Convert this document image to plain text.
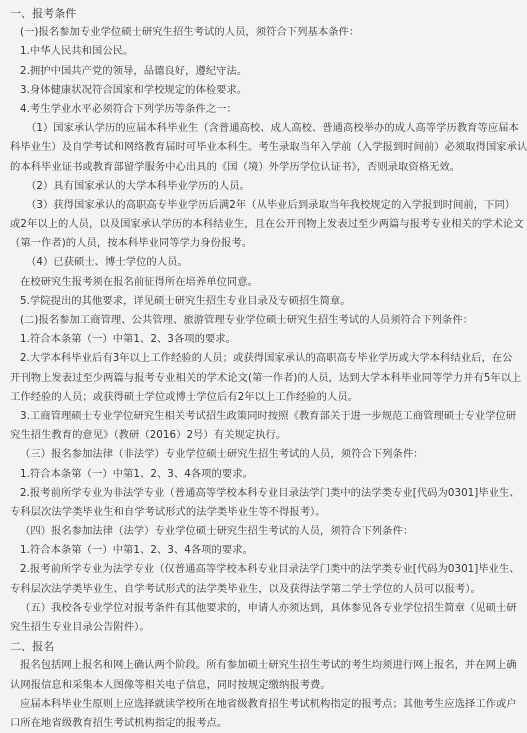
一、报考条件
(一)报名参加专业学位硕士研究生招生考试的人员，须符合下列基本条件：
1.中华人民共和国公民。
2.拥护中国共产党的领导，品德良好，遵纪守法。
3.身体健康状况符合国家和学校规定的体检要求。
4.考生学业水平必须符合下列学历等条件之一：
（1）国家承认学历的应届本科毕业生（含普通高校、成人高校、普通高校举办的成人高等学历教育等应届本
科毕业生）及自学考试和网络教育届时可毕业本科生。考生录取当年入学前（入学报到时间前）必须取得国家承认
的本科毕业证书或教育部留学服务中心出具的《国（境）外学历学位认证书》，否则录取资格无效。
（2）具有国家承认的大学本科毕业学历的人员。
（3）获得国家承认的高职高专毕业学历后满2年（从毕业后到录取当年我校规定的入学报到时间前，下同）
或2年以上的人员，以及国家承认学历的本科结业生，且在公开刊物上发表过至少两篇与报考专业相关的学术论文
（第一作者)的人员，按本科毕业同等学力身份报考。
（4）已获硕士、博士学位的人员。
在校研究生报考须在报名前征得所在培养单位同意。
5.学院提出的其他要求，详见硕士研究生招生专业目录及专硕招生简章。
(二)报名参加工商管理、公共管理、旅游管理专业学位硕士研究生招生考试的人员须符合下列条件：
1.符合本条第（一）中第1、2、3各项的要求。
2.大学本科毕业后有3年以上工作经验的人员；或获得国家承认的高职高专毕业学历或大学本科结业后，在公
开刊物上发表过至少两篇与报考专业相关的学术论文(第一作者)的人员，达到大学本科毕业同等学力并有5年以上
工作经验的人员；或获得硕士学位或博士学位后有2年以上工作经验的人员。
3.工商管理硕士专业学位研究生相关考试招生政策同时按照《教育部关于进一步规范工商管理硕士专业学位研
究生招生教育的意见》（教研（2016）2号）有关规定执行。
（三）报名参加法律（非法学）专业学位硕士研究生招生考试的人员，须符合下列条件：
1.符合本条第（一）中第1、2、3、4各项的要求。
2.报考前所学专业为非法学专业（普通高等学校本科专业目录法学门类中的法学类专业[代码为0301]毕业生、
专科层次法学类毕业生和自学考试形式的法学类毕业生等不得报考）。
（四）报名参加法律（法学）专业学位硕士研究生招生考试的人员，须符合下列条件：
1.符合本条第（一）中第1、2、3、4各项的要求。
2.报考前所学专业为法学专业（仅普通高等学校本科专业目录法学门类中的法学类专业[代码为0301]毕业生、
专科层次法学类毕业生、自学考试形式的法学类毕业生，以及获得法学第二学士学位的人员可以报考）。
（五）我校各专业学位对报考条件有其他要求的，申请人亦须达到，具体参见各专业学位招生简章（见硕士研
究生招生专业目录公告附件）。
二、报名
报名包括网上报名和网上确认两个阶段。所有参加硕士研究生招生考试的考生均须进行网上报名，并在网上确
认网报信息和采集本人图像等相关电子信息，同时按规定缴纳报考费。
应届本科毕业生原则上应选择就读学校所在地省级教育招生考试机构指定的报考点；其他考生应选择工作或户
口所在地省级教育招生考试机构指定的报考点。
